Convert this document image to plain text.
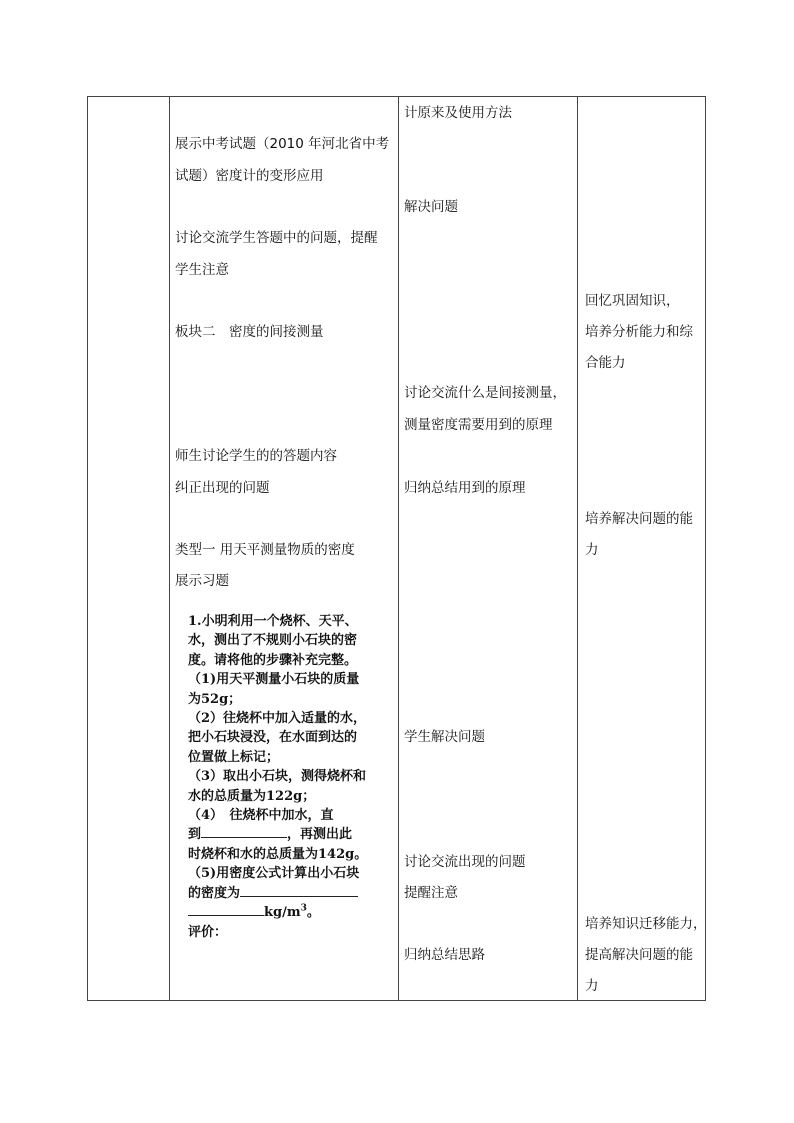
展示中考试题（2010 年河北省中考
试题）密度计的变形应用
讨论交流学生答题中的问题，提醒
学生注意
板块二　密度的间接测量
师生讨论学生的的答题内容
纠正出现的问题
类型一 用天平测量物质的密度
展示习题
1.小明利用一个烧杯、天平、
水，测出了不规则小石块的密
度。请将他的步骤补充完整。
（1)用天平测量小石块的质量
为52g；
（2）往烧杯中加入适量的水，
把小石块浸没，在水面到达的
位置做上标记；
（3）取出小石块，测得烧杯和
水的总质量为122g；
（4）　往烧杯中加水，直
到	，再测出此
时烧杯和水的总质量为142g。
（5)用密度公式计算出小石块
的密度为
$kg/m^3$。
评价：
计原来及使用方法
解决问题
讨论交流什么是间接测量，
测量密度需要用到的原理
归纳总结用到的原理
学生解决问题
讨论交流出现的问题
提醒注意
归纳总结思路
回忆巩固知识，
培养分析能力和综
合能力
培养解决问题的能
力
培养知识迁移能力，
提高解决问题的能
力
